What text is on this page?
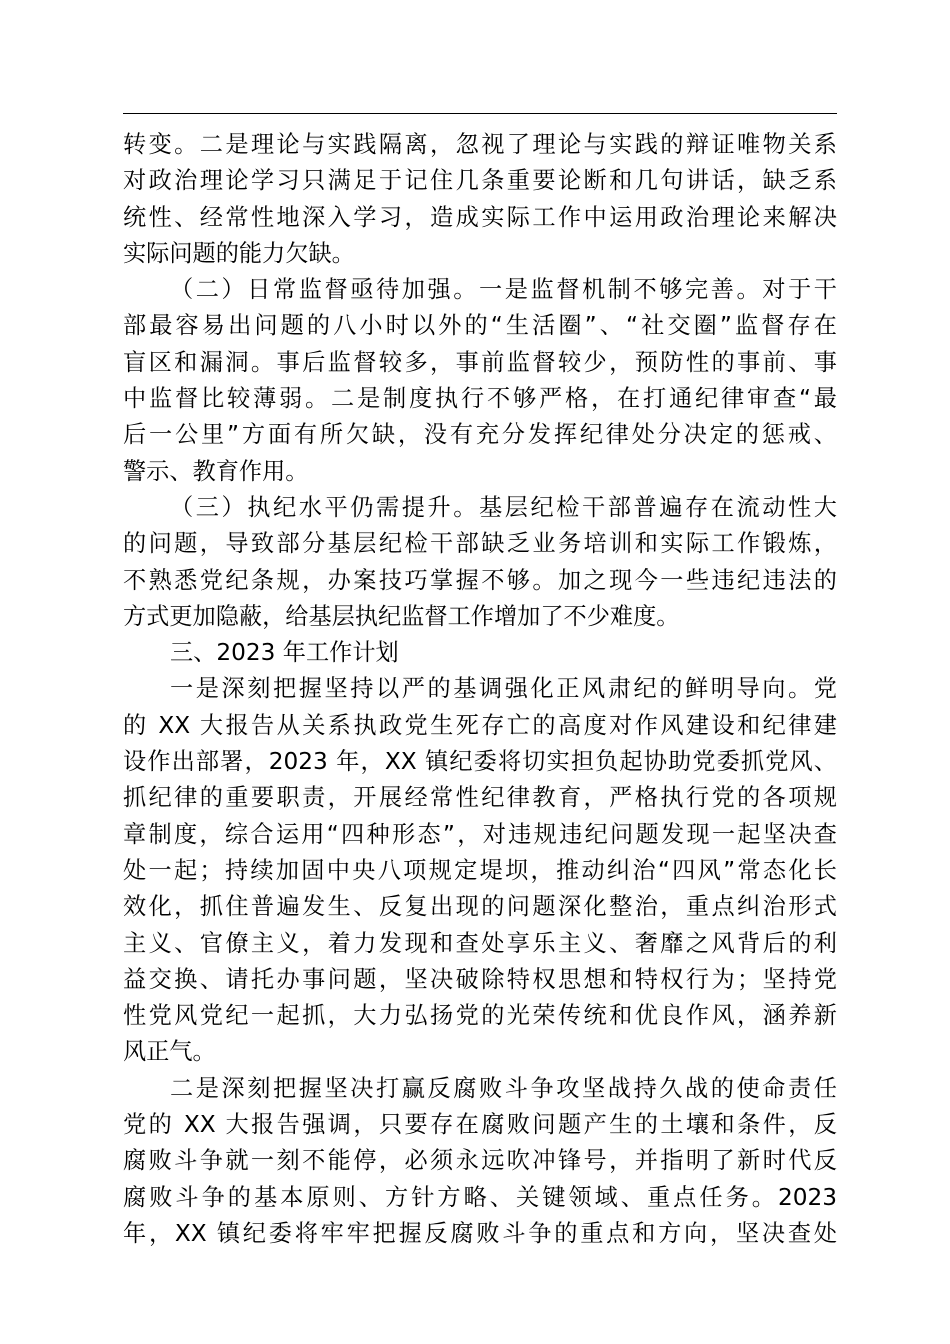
转变。二是理论与实践隔离，忽视了理论与实践的辩证唯物关系
对政治理论学习只满足于记住几条重要论断和几句讲话，缺乏系
统性、经常性地深入学习，造成实际工作中运用政治理论来解决
实际问题的能力欠缺。
（二）日常监督亟待加强。一是监督机制不够完善。对于干
部最容易出问题的八小时以外的“生活圈”、“社交圈”监督存在
盲区和漏洞。事后监督较多，事前监督较少，预防性的事前、事
中监督比较薄弱。二是制度执行不够严格，在打通纪律审查“最
后一公里”方面有所欠缺，没有充分发挥纪律处分决定的惩戒、
警示、教育作用。
（三）执纪水平仍需提升。基层纪检干部普遍存在流动性大
的问题，导致部分基层纪检干部缺乏业务培训和实际工作锻炼，
不熟悉党纪条规，办案技巧掌握不够。加之现今一些违纪违法的
方式更加隐蔽，给基层执纪监督工作增加了不少难度。
三、2023 年工作计划
一是深刻把握坚持以严的基调强化正风肃纪的鲜明导向。党
的 XX 大报告从关系执政党生死存亡的高度对作风建设和纪律建
设作出部署，2023 年，XX 镇纪委将切实担负起协助党委抓党风、
抓纪律的重要职责，开展经常性纪律教育，严格执行党的各项规
章制度，综合运用“四种形态”，对违规违纪问题发现一起坚决查
处一起；持续加固中央八项规定堤坝，推动纠治“四风”常态化长
效化，抓住普遍发生、反复出现的问题深化整治，重点纠治形式
主义、官僚主义，着力发现和查处享乐主义、奢靡之风背后的利
益交换、请托办事问题，坚决破除特权思想和特权行为；坚持党
性党风党纪一起抓，大力弘扬党的光荣传统和优良作风，涵养新
风正气。
二是深刻把握坚决打赢反腐败斗争攻坚战持久战的使命责任
党的 XX 大报告强调，只要存在腐败问题产生的土壤和条件，反
腐败斗争就一刻不能停，必须永远吹冲锋号，并指明了新时代反
腐败斗争的基本原则、方针方略、关键领域、重点任务。2023
年，XX 镇纪委将牢牢把握反腐败斗争的重点和方向，坚决查处
